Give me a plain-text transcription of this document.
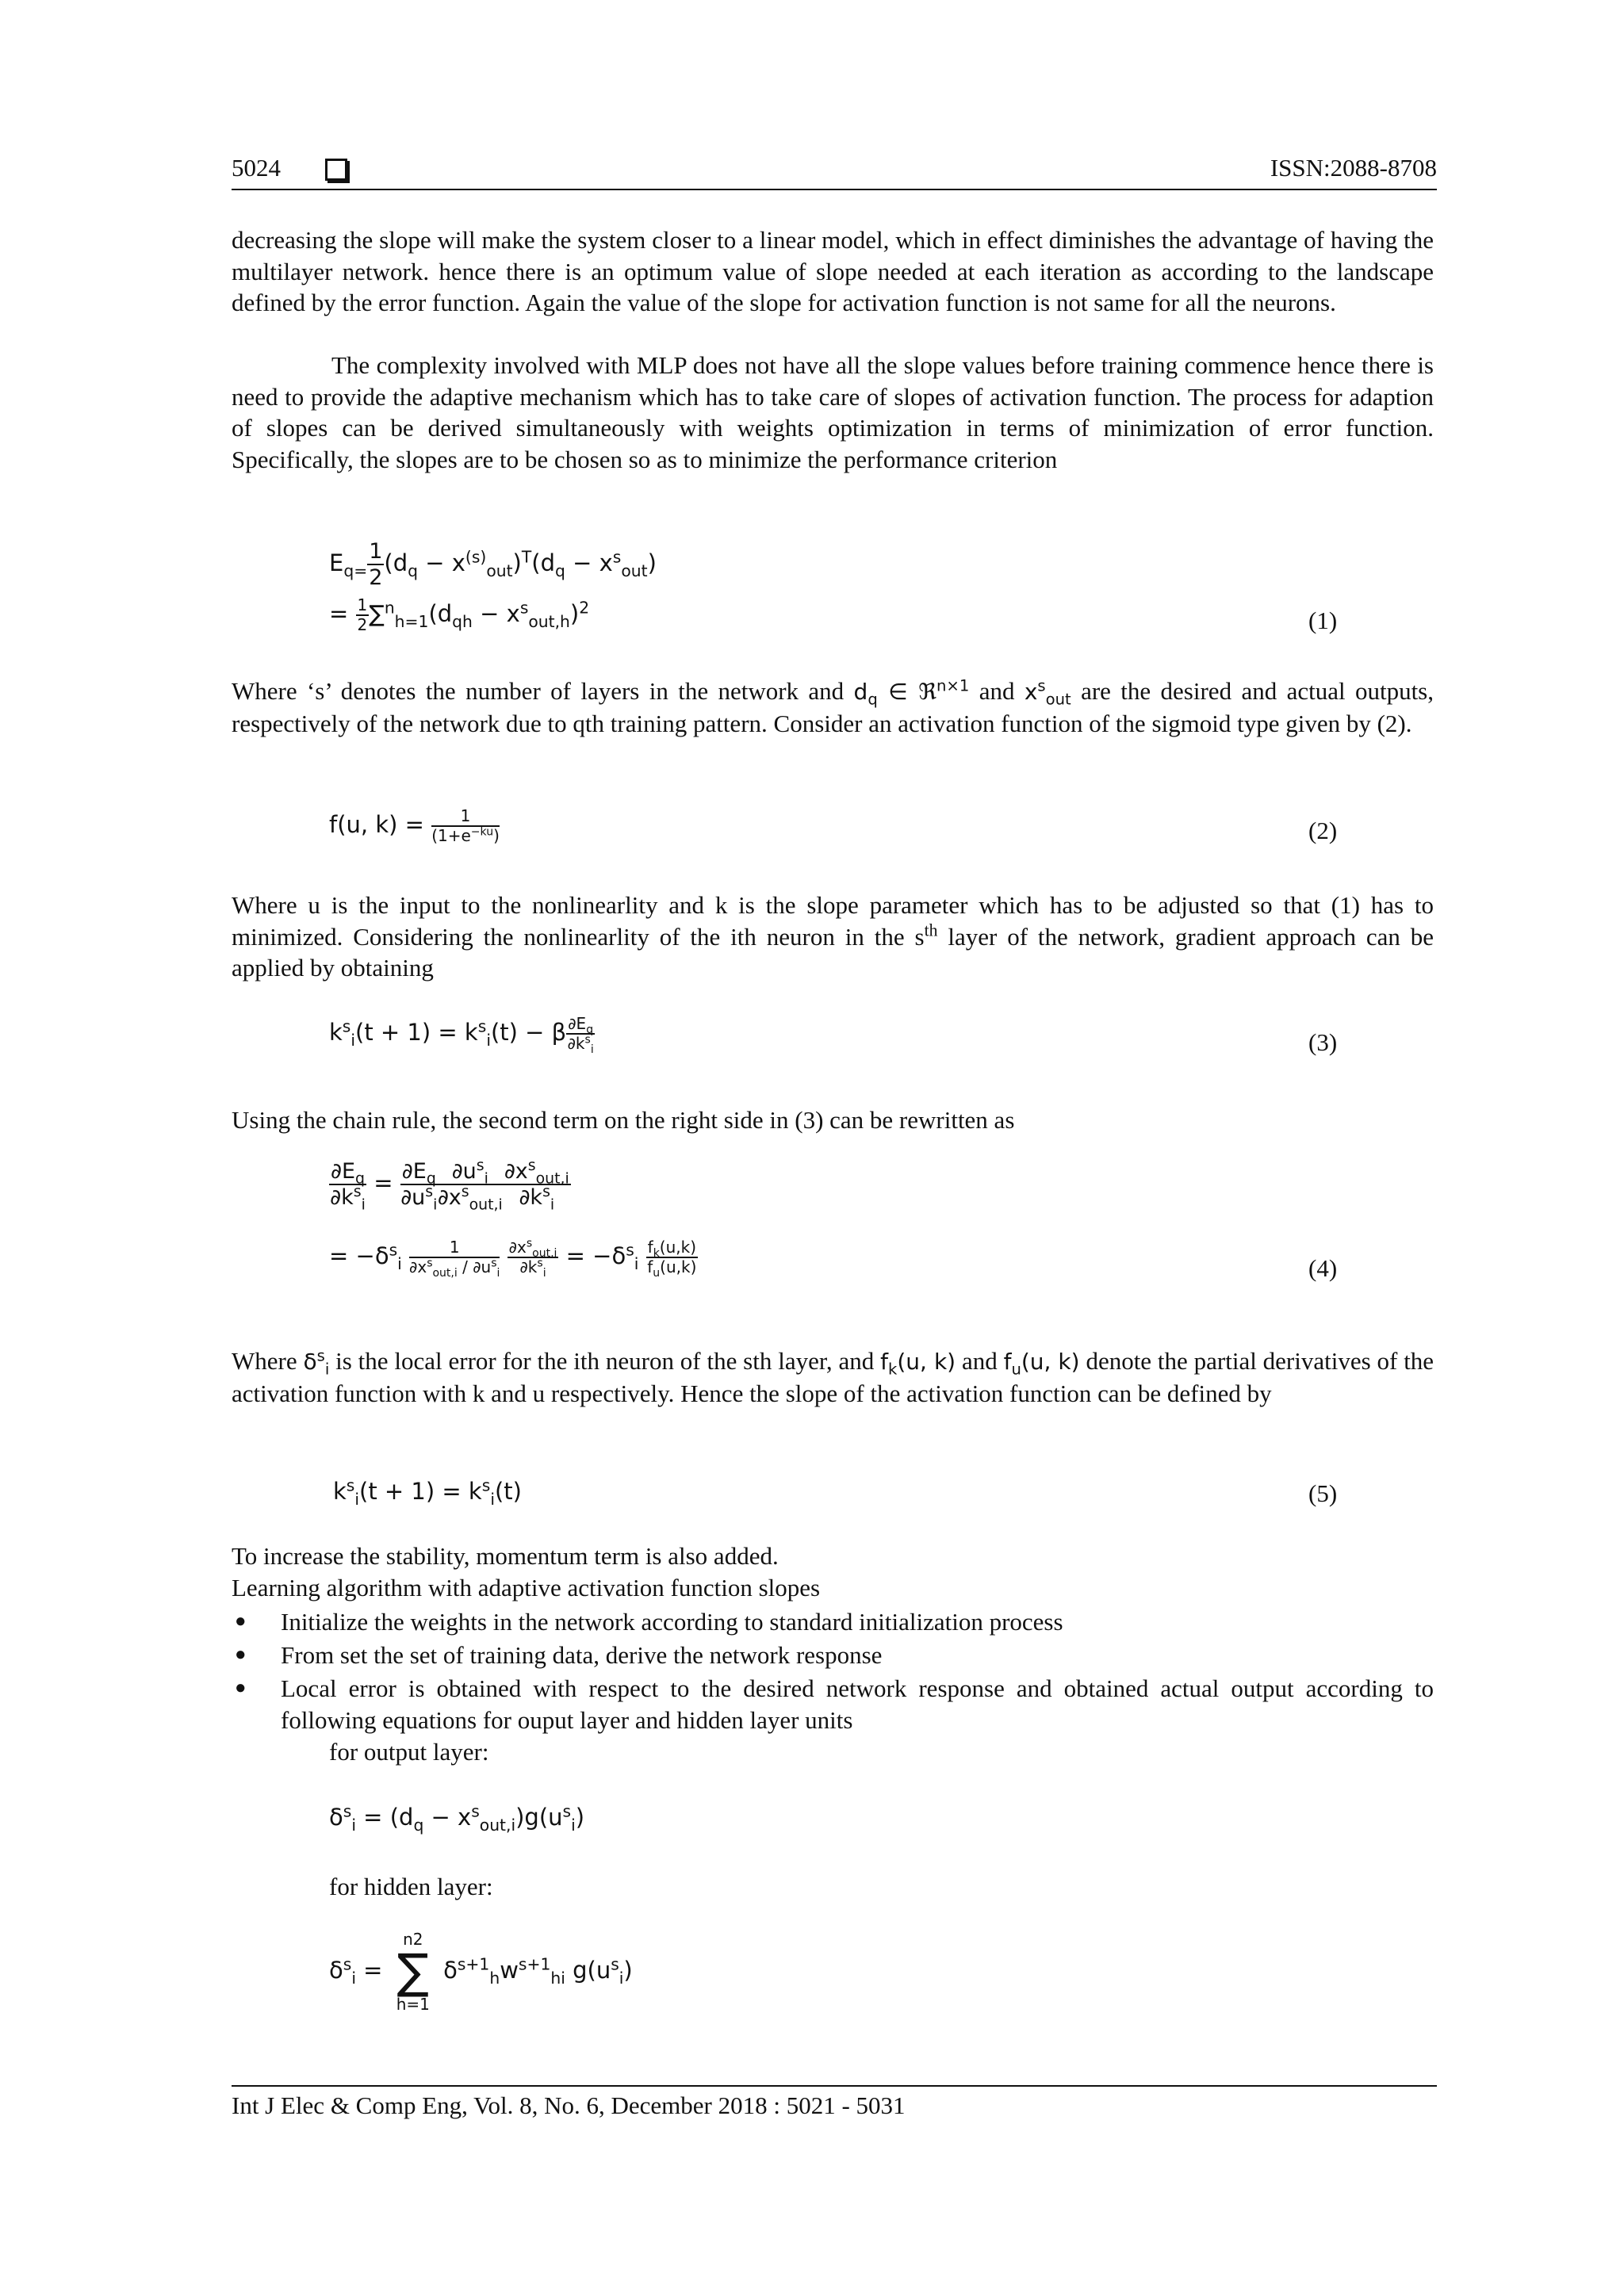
5024	ISSN:2088-8708

decreasing the slope will make the system closer to a linear model, which in effect diminishes the advantage of having the multilayer network. hence there is an optimum value of slope needed at each iteration as according to the landscape defined by the error function. Again the value of the slope for activation function is not same for all the neurons.

The complexity involved with MLP does not have all the slope values before training commence hence there is need to provide the adaptive mechanism which has to take care of slopes of activation function. The process for adaption of slopes can be derived simultaneously with weights optimization in terms of minimization of error function. Specifically, the slopes are to be chosen so as to minimize the performance criterion

$E_{q=} \frac{1}{2} (d_q - x^{(s)}_{out})^T(d_q - x^s_{out})$
= $\frac{1}{2} \sum^n_{h=1}(d_{qh} - x^s_{out,h})^2$	(1)
Where ‘s’ denotes the number of layers in the network and $d_q$ ∈ ℜ$^{n\times 1}$ and $x^s_{out}$ are the desired and actual outputs, respectively of the network due to qth training pattern. Consider an activation function of the sigmoid type given by (2).
f(u, $k) = \frac{1}{(1+e^{-ku})}$	(2)
Where u is the input to the nonlinearlity and k is the slope parameter which has to be adjusted so that (1) has to minimized. Considering the nonlinearlity of the ith neuron in the $s^{th}$ layer of the network, gradient approach can be applied by obtaining
$k^s_i(t + 1) = k^s_i(t) - \beta \frac{\partial E_q}{\partial k^s_i}$	(3)

Using the chain rule, the second term on the right side in (3) can be rewritten as

$\frac{\partial E_q}{\partial k^s_i} = \frac{\partial E_q}{\partial u^s_i} \frac{\partial u^s_i}{\partial x^s_{out,i}} \frac{\partial x^s_{out,i}}{\partial k^s_i}$
= $-\delta^s_i \frac{1}{\partial x^s_{out,i} / \partial u^s_i}$
$\frac{\partial x^s_{out,i}}{\partial k^s_i} = -\delta^s_i \frac{f_k(u,k)}{f_u(u,k)}$	(4)
Where $\delta^s_i$ is the local error for the ith neuron of the sth layer, and $f_k(u$, k) and $f_u(u$, k) denote the partial derivatives of the activation function with k and u respectively. Hence the slope of the activation function can be defined by
$k^s_i(t + 1) = k^s_i(t)$	(5)
To increase the stability, momentum term is also added.
Learning algorithm with adaptive activation function slopes
● Initialize the weights in the network according to standard initialization process
● From set the set of training data, derive the network response
● Local error is obtained with respect to the desired network response and obtained actual output according to following equations for ouput layer and hidden layer units
for output layer:
$\delta^s_i = (d_q - x^s_{out,i})g(u^s_i)$
for hidden layer:
$\delta^s_i$ =
n2
∑
h=1
$\delta^{s+1}_hw^{s+1}_{hi}$ $g(u^s_i)$
Int J Elec & Comp Eng, Vol. 8, No. 6, December 2018 : 5021 - 5031
